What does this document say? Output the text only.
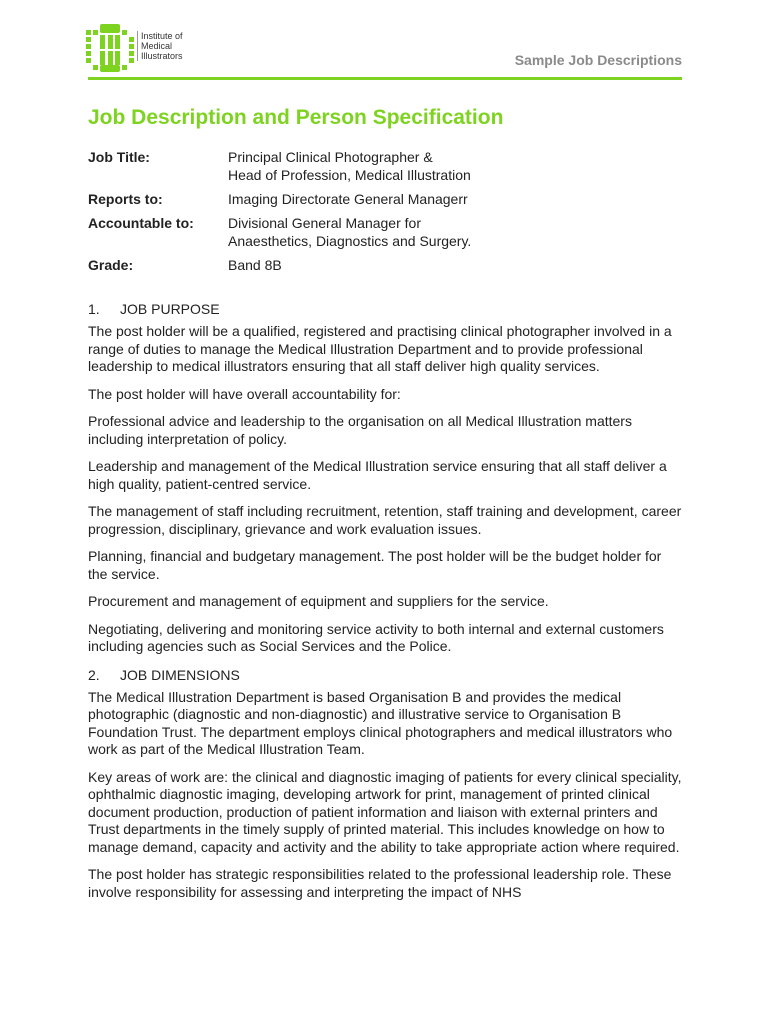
Institute of
Medical
Illustrators	Sample Job Descriptions
Job Description and Person Specification
Job Title:	Principal Clinical Photographer &
Head of Profession, Medical Illustration
Reports to:	Imaging Directorate General Managerr
Accountable to:	Divisional General Manager for
Anaesthetics, Diagnostics and Surgery.
Grade:	Band 8B
1.	JOB PURPOSE

The post holder will be a qualified, registered and practising clinical photographer involved in a range of duties to manage the Medical Illustration Department and to provide professional leadership to medical illustrators ensuring that all staff deliver high quality services.

The post holder will have overall accountability for:

Professional advice and leadership to the organisation on all Medical Illustration matters including interpretation of policy.

Leadership and management of the Medical Illustration service ensuring that all staff deliver a high quality, patient-centred service.

The management of staff including recruitment, retention, staff training and development, career progression, disciplinary, grievance and work evaluation issues.

Planning, financial and budgetary management. The post holder will be the budget holder for the service.

Procurement and management of equipment and suppliers for the service.

Negotiating, delivering and monitoring service activity to both internal and external customers including agencies such as Social Services and the Police.

2.	JOB DIMENSIONS

The Medical Illustration Department is based Organisation B and provides the medical photographic (diagnostic and non-diagnostic) and illustrative service to Organisation B Foundation Trust. The department employs clinical photographers and medical illustrators who work as part of the Medical Illustration Team.

Key areas of work are: the clinical and diagnostic imaging of patients for every clinical speciality, ophthalmic diagnostic imaging, developing artwork for print, management of printed clinical document production, production of patient information and liaison with external printers and Trust departments in the timely supply of printed material. This includes knowledge on how to manage demand, capacity and activity and the ability to take appropriate action where required.

The post holder has strategic responsibilities related to the professional leadership role. These involve responsibility for assessing and interpreting the impact of NHS
